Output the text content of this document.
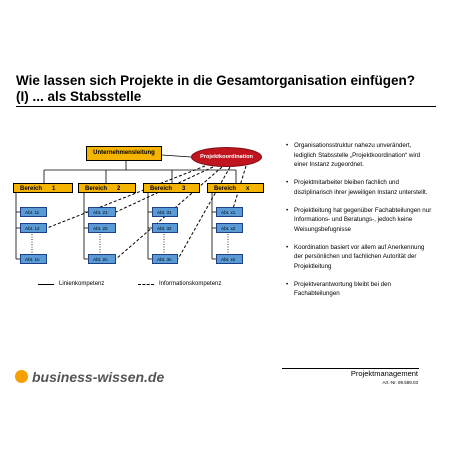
Wie lassen sich Projekte in die Gesamtorganisation einfügen?
(I) ... als Stabsstelle
Unternehmensleitung
Projektkoordination
Bereich 1	Bereich 2	Bereich 3	Bereich x
Abt. 11
Abt. 12
Abt. 1n
Abt. 21
Abt. 22
Abt. 2n
Abt. 31
Abt. 32
Abt. 3n
Abt. x1
Abt. x2
Abt. xn
Linienkompetenz	Informationskompetenz
• Organisationsstruktur nahezu unverändert, lediglich Stabsstelle „Projektkoordination“ wird einer Instanz zugeordnet.
• Projektmitarbeiter bleiben fachlich und disziplinarisch ihrer jeweiligen Instanz unterstellt.
• Projektleitung hat gegenüber Fachabteilungen nur Informations- und Beratungs-, jedoch keine Weisungsbefugnisse
• Koordination basiert vor allem auf Anerkennung der persönlichen und fachlichen Autorität der Projektleitung
• Projektverantwortung bleibt bei den Fachabteilungen
business-wissen.de	Projektmanagement
Art.-Nr. 99.589.03
